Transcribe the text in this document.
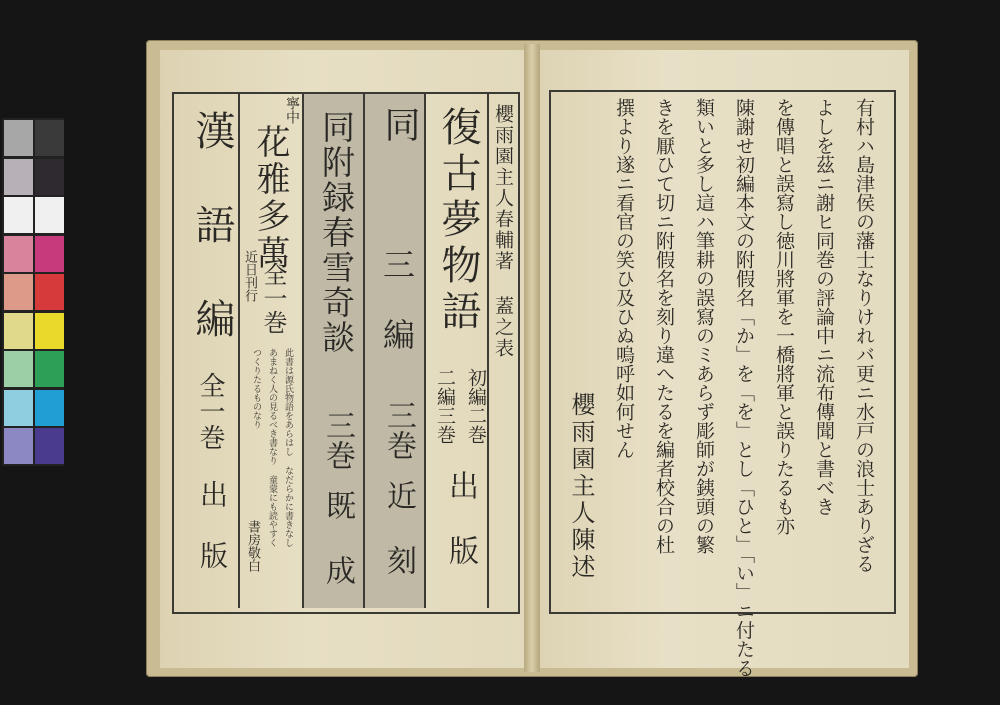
櫻雨園主人春輔著 蓋之表
復古夢物語
初編二巻
二編三巻
出 版
同
三 編
三巻
近 刻
同附録春雪奇談
三巻
既 成
寧中
花雅多萬
全一巻
近日刊行
此書は源氏物語をあらはし なだらかに書きなし
あまねく人の見るべき書なり 童蒙にも読やすく
つくりたるものなり
書房敬白
漢 語 編
全一巻
出 版	有村ハ島津侯の藩士なりけれバ更ニ水戸の浪士ありざる
よしを茲ニ謝ヒ同巻の評論中ニ流布傳聞と書べき
を傳唱と誤寫し徳川將軍を一橋將軍と誤りたるも亦
陳謝せ初編本文の附假名「か」を「を」とし「ひと」「い」ニ付たる
類いと多し這ハ筆耕の誤寫のミあらず彫師が銕頭の繁
きを厭ひて切ニ附假名を刻り違へたるを編者校合の杜
撰より遂ニ看官の笑ひ及ひぬ嗚呼如何せん
櫻雨園主人陳述
